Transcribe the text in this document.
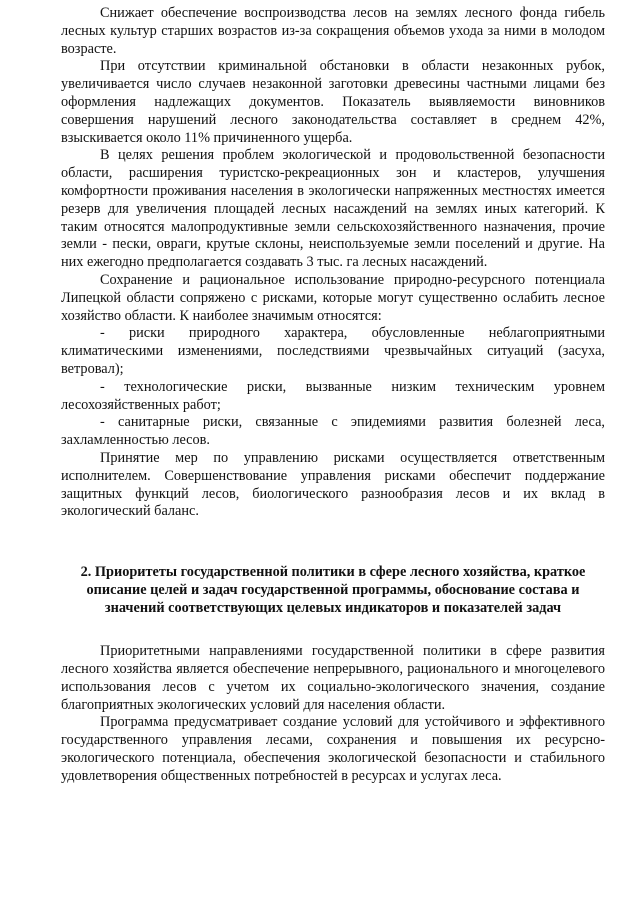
Снижает обеспечение воспроизводства лесов на землях лесного фонда гибель лесных культур старших возрастов из-за сокращения объемов ухода за ними в молодом возрасте.

При отсутствии криминальной обстановки в области незаконных рубок, увеличивается число случаев незаконной заготовки древесины частными лицами без оформления надлежащих документов. Показатель выявляемости виновников совершения нарушений лесного законодательства составляет в среднем 42%, взыскивается около 11% причиненного ущерба.

В целях решения проблем экологической и продовольственной безопасности области, расширения туристско-рекреационных зон и кластеров, улучшения комфортности проживания населения в экологически напряженных местностях имеется резерв для увеличения площадей лесных насаждений на землях иных категорий. К таким относятся малопродуктивные земли сельскохозяйственного назначения, прочие земли - пески, овраги, крутые склоны, неиспользуемые земли поселений и другие. На них ежегодно предполагается создавать 3 тыс. га лесных насаждений.

Сохранение и рациональное использование природно-ресурсного потенциала Липецкой области сопряжено с рисками, которые могут существенно ослабить лесное хозяйство области. К наиболее значимым относятся:

- риски природного характера, обусловленные неблагоприятными климатическими изменениями, последствиями чрезвычайных ситуаций (засуха, ветровал);

- технологические риски, вызванные низким техническим уровнем лесохозяйственных работ;

- санитарные риски, связанные с эпидемиями развития болезней леса, захламленностью лесов.

Принятие мер по управлению рисками осуществляется ответственным исполнителем. Совершенствование управления рисками обеспечит поддержание защитных функций лесов, биологического разнообразия лесов и их вклад в экологический баланс.

2. Приоритеты государственной политики в сфере лесного хозяйства, краткое описание целей и задач государственной программы, обоснование состава и значений соответствующих целевых индикаторов и показателей задач

Приоритетными направлениями государственной политики в сфере развития лесного хозяйства является обеспечение непрерывного, рационального и многоцелевого использования лесов с учетом их социально-экологического значения, создание благоприятных экологических условий для населения области.

Программа предусматривает создание условий для устойчивого и эффективного государственного управления лесами, сохранения и повышения их ресурсно-экологического потенциала, обеспечения экологической безопасности и стабильного удовлетворения общественных потребностей в ресурсах и услугах леса.
